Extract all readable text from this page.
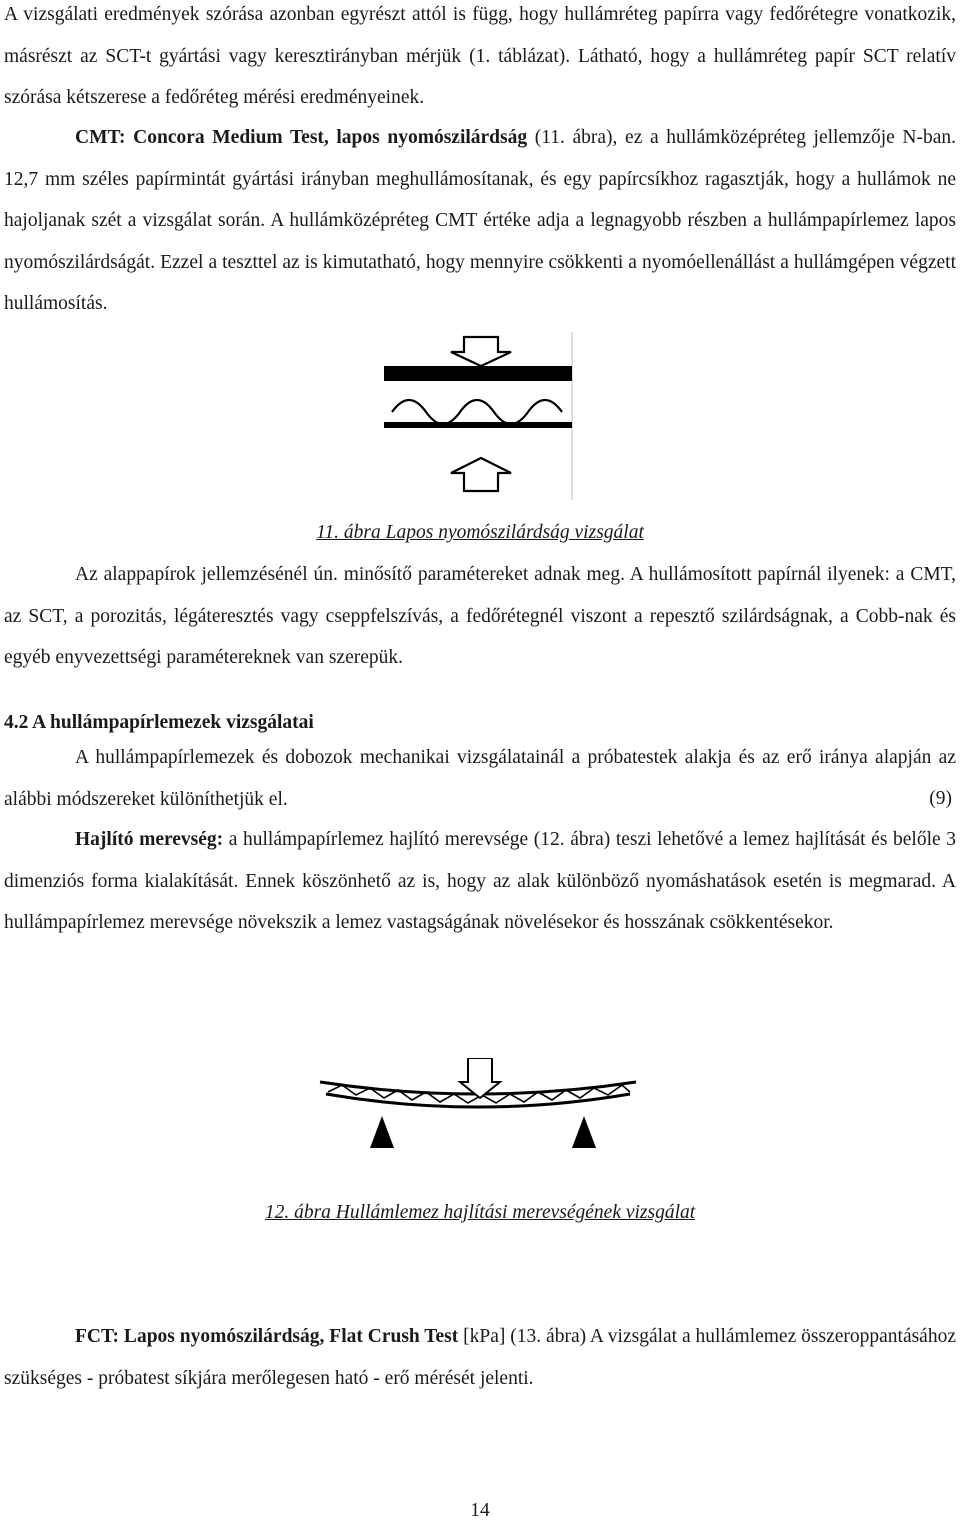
A vizsgálati eredmények szórása azonban egyrészt attól is függ, hogy hullámréteg papírra vagy fedőrétegre vonatkozik, másrészt az SCT-t gyártási vagy keresztirányban mérjük (1. táblázat). Látható, hogy a hullámréteg papír SCT relatív szórása kétszerese a fedőréteg mérési eredményeinek.

CMT: Concora Medium Test, lapos nyomószilárdság (11. ábra), ez a hullámközépréteg jellemzője N-ban. 12,7 mm széles papírmintát gyártási irányban meghullámosítanak, és egy papírcsíkhoz ragasztják, hogy a hullámok ne hajoljanak szét a vizsgálat során. A hullámközépréteg CMT értéke adja a legnagyobb részben a hullámpapírlemez lapos nyomószilárdságát. Ezzel a teszttel az is kimutatható, hogy mennyire csökkenti a nyomóellenállást a hullámgépen végzett hullámosítás.

11. ábra Lapos nyomószilárdság vizsgálat

Az alappapírok jellemzésénél ún. minősítő paramétereket adnak meg. A hullámosított papírnál ilyenek: a CMT, az SCT, a porozitás, légáteresztés vagy cseppfelszívás, a fedőrétegnél viszont a repesztő szilárdságnak, a Cobb-nak és egyéb enyvezettségi paramétereknek van szerepük.

4.2 A hullámpapírlemezek vizsgálatai

A hullámpapírlemezek és dobozok mechanikai vizsgálatainál a próbatestek alakja és az erő iránya alapján az alábbi módszereket különíthetjük el.	(9)

Hajlító merevség: a hullámpapírlemez hajlító merevsége (12. ábra) teszi lehetővé a lemez hajlítását és belőle 3 dimenziós forma kialakítását. Ennek köszönhető az is, hogy az alak különböző nyomáshatások esetén is megmarad. A hullámpapírlemez merevsége növekszik a lemez vastagságának növelésekor és hosszának csökkentésekor.

12. ábra Hullámlemez hajlítási merevségének vizsgálat

FCT: Lapos nyomószilárdság, Flat Crush Test [kPa] (13. ábra) A vizsgálat a hullámlemez összeroppantásához szükséges - próbatest síkjára merőlegesen ható - erő mérését jelenti.

14
